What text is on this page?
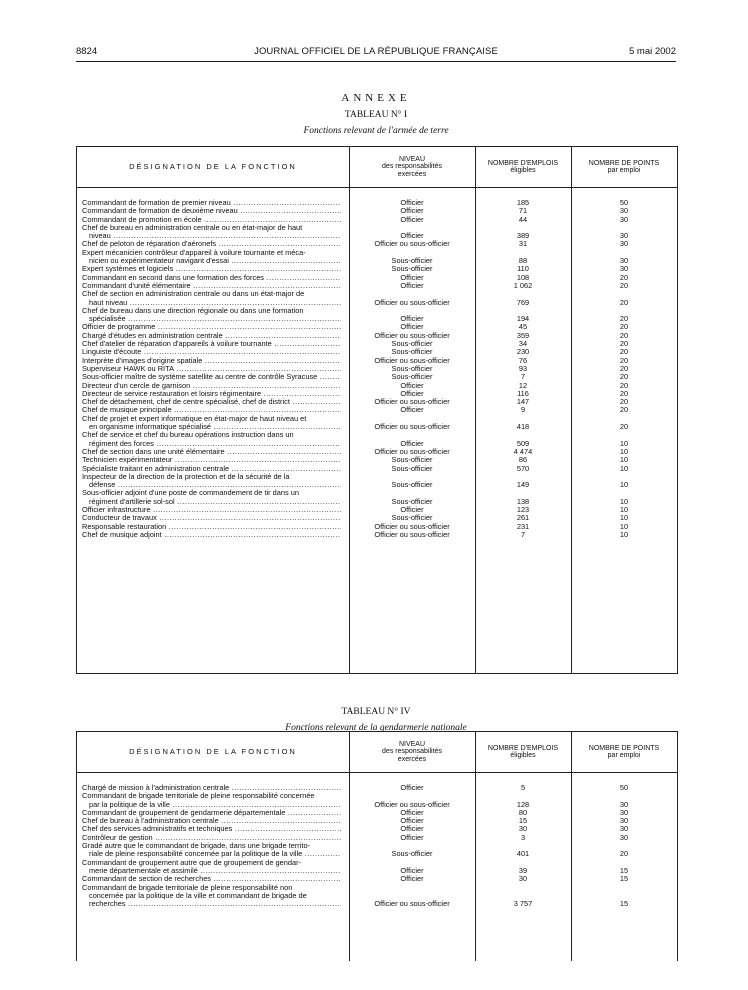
8824	JOURNAL OFFICIEL DE LA RÉPUBLIQUE FRANÇAISE	5 mai 2002
ANNEXE
TABLEAU N° I
Fonctions relevant de l'armée de terre
DÉSIGNATION DE LA FONCTION
NIVEAU
des responsabilités
exercées
NOMBRE D'EMPLOIS
éligibles
NOMBRE DE POINTS
par emploi
Commandant de formation de premier niveau .....	Officier	185	50
Commandant de formation de deuxième niveau .....	Officier	71	30
Commandant de promotion en école .....	Officier	44	30
Chef de bureau en administration centrale ou en état-major de haut
niveau .....	Officier	389	30
Chef de peloton de réparation d'aéronefs .....	Officier ou sous-officier	31	30
Expert mécanicien contrôleur d'appareil à voilure tournante et méca-
nicien ou expérimentateur navigant d'essai .....	Sous-officier	88	30
Expert systèmes et logiciels .....	Sous-officier	110	30
Commandant en second dans une formation des forces .....	Officier	108	20
Commandant d'unité élémentaire .....	Officier	1 062	20
Chef de section en administration centrale ou dans un état-major de
haut niveau .....	Officier ou sous-officier	769	20
Chef de bureau dans une direction régionale ou dans une formation
spécialisée .....	Officier	194	20
Officier de programme .....	Officier	45	20
Chargé d'études en administration centrale .....	Officier ou sous-officier	359	20
Chef d'atelier de réparation d'appareils à voilure tournante .....	Sous-officier	34	20
Linguiste d'écoute .....	Sous-officier	230	20
Interprète d'images d'origine spatiale .....	Officier ou sous-officier	76	20
Superviseur HAWK ou RITA .....	Sous-officier	93	20
Sous-officier maître de système satellite au centre de contrôle Syracuse .....	Sous-officier	7	20
Directeur d'un cercle de garnison .....	Officier	12	20
Directeur de service restauration et loisirs régimentaire .....	Officier	116	20
Chef de détachement, chef de centre spécialisé, chef de district .....	Officier ou sous-officier	147	20
Chef de musique principale .....	Officier	9	20
Chef de projet et expert informatique en état-major de haut niveau et
en organisme informatique spécialisé .....	Officier ou sous-officier	418	20
Chef de service et chef du bureau opérations instruction dans un
régiment des forces .....	Officier	509	10
Chef de section dans une unité élémentaire .....	Officier ou sous-officier	4 474	10
Technicien expérimentateur .....	Sous-officier	86	10
Spécialiste traitant en administration centrale .....	Sous-officier	570	10
Inspecteur de la direction de la protection et de la sécurité de la
défense .....	Sous-officier	149	10
Sous-officier adjoint d'une poste de commandement de tir dans un
régiment d'artillerie sol-sol .....	Sous-officier	138	10
Officier infrastructure .....	Officier	123	10
Conducteur de travaux .....	Sous-officier	261	10
Responsable restauration .....	Officier ou sous-officier	231	10
Chef de musique adjoint .....	Officier ou sous-officier	7	10
TABLEAU N° IV
Fonctions relevant de la gendarmerie nationale
DÉSIGNATION DE LA FONCTION
NIVEAU
des responsabilités
exercées
NOMBRE D'EMPLOIS
éligibles
NOMBRE DE POINTS
par emploi
Chargé de mission à l'administration centrale .....	Officier	5	50
Commandant de brigade territoriale de pleine responsabilité concernée
par la politique de la ville .....	Officier ou sous-officier	128	30
Commandant de groupement de gendarmerie départementale .....	Officier	80	30
Chef de bureau à l'administration centrale .....	Officier	15	30
Chef des services administratifs et techniques .....	Officier	30	30
Contrôleur de gestion .....	Officier	3	30
Gradé autre que le commandant de brigade, dans une brigade territo-
riale de pleine responsabilité concernée par la politique de la ville .....	Sous-officier	401	20
Commandant de groupement autre que de groupement de gendar-
merie départementale et assimilé .....	Officier	39	15
Commandant de section de recherches .....	Officier	30	15
Commandant de brigade territoriale de pleine responsabilité non
concernée par la politique de la ville et commandant de brigade de
recherches .....	Officier ou sous-officier	3 757	15
